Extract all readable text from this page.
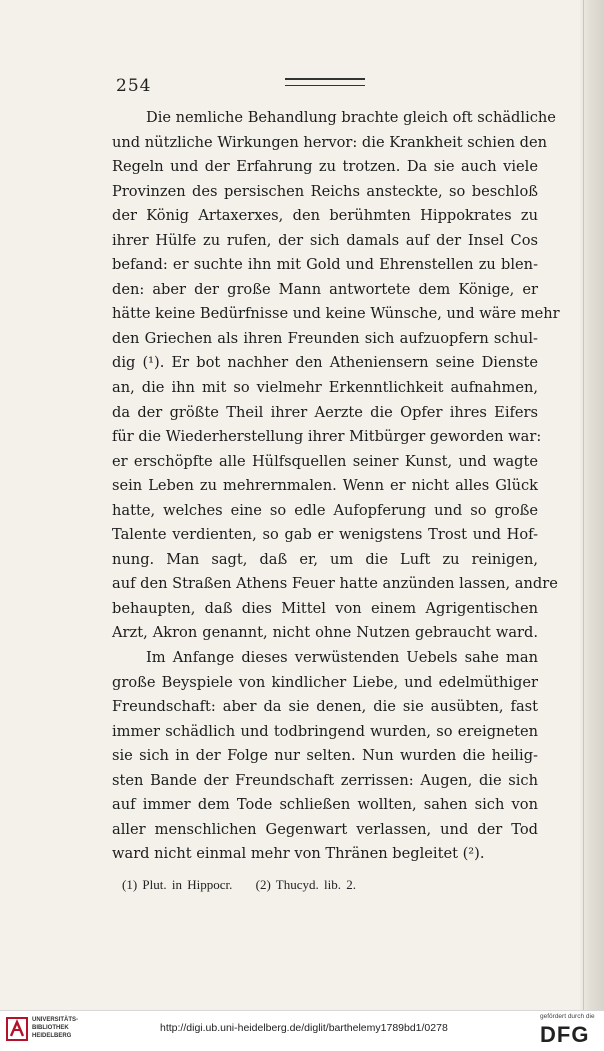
254
Die nemliche Behandlung brachte gleich oft schädliche
und nützliche Wirkungen hervor: die Krankheit schien den
Regeln und der Erfahrung zu trotzen. Da sie auch viele
Provinzen des persischen Reichs ansteckte, so beschloß
der König Artaxerxes, den berühmten Hippokrates zu
ihrer Hülfe zu rufen, der sich damals auf der Insel Cos
befand: er suchte ihn mit Gold und Ehrenstellen zu blen-
den: aber der große Mann antwortete dem Könige, er
hätte keine Bedürfnisse und keine Wünsche, und wäre mehr
den Griechen als ihren Freunden sich aufzuopfern schul-
dig (¹). Er bot nachher den Atheniensern seine Dienste
an, die ihn mit so vielmehr Erkenntlichkeit aufnahmen,
da der größte Theil ihrer Aerzte die Opfer ihres Eifers
für die Wiederherstellung ihrer Mitbürger geworden war:
er erschöpfte alle Hülfsquellen seiner Kunst, und wagte
sein Leben zu mehrernmalen. Wenn er nicht alles Glück
hatte, welches eine so edle Aufopferung und so große
Talente verdienten, so gab er wenigstens Trost und Hof-
nung. Man sagt, daß er, um die Luft zu reinigen,
auf den Straßen Athens Feuer hatte anzünden lassen, andre
behaupten, daß dies Mittel von einem Agrigentischen
Arzt, Akron genannt, nicht ohne Nutzen gebraucht ward.
Im Anfange dieses verwüstenden Uebels sahe man
große Beyspiele von kindlicher Liebe, und edelmüthiger
Freundschaft: aber da sie denen, die sie ausübten, fast
immer schädlich und todbringend wurden, so ereigneten
sie sich in der Folge nur selten. Nun wurden die heilig-
sten Bande der Freundschaft zerrissen: Augen, die sich
auf immer dem Tode schließen wollten, sahen sich von
aller menschlichen Gegenwart verlassen, und der Tod
ward nicht einmal mehr von Thränen begleitet (²).
(1) Plut. in Hippocr. (2) Thucyd. lib. 2.
UNIVERSITÄTS-
BIBLIOTHEK
HEIDELBERG
http://digi.ub.uni-heidelberg.de/diglit/barthelemy1789bd1/0278
gefördert durch die
DFG
